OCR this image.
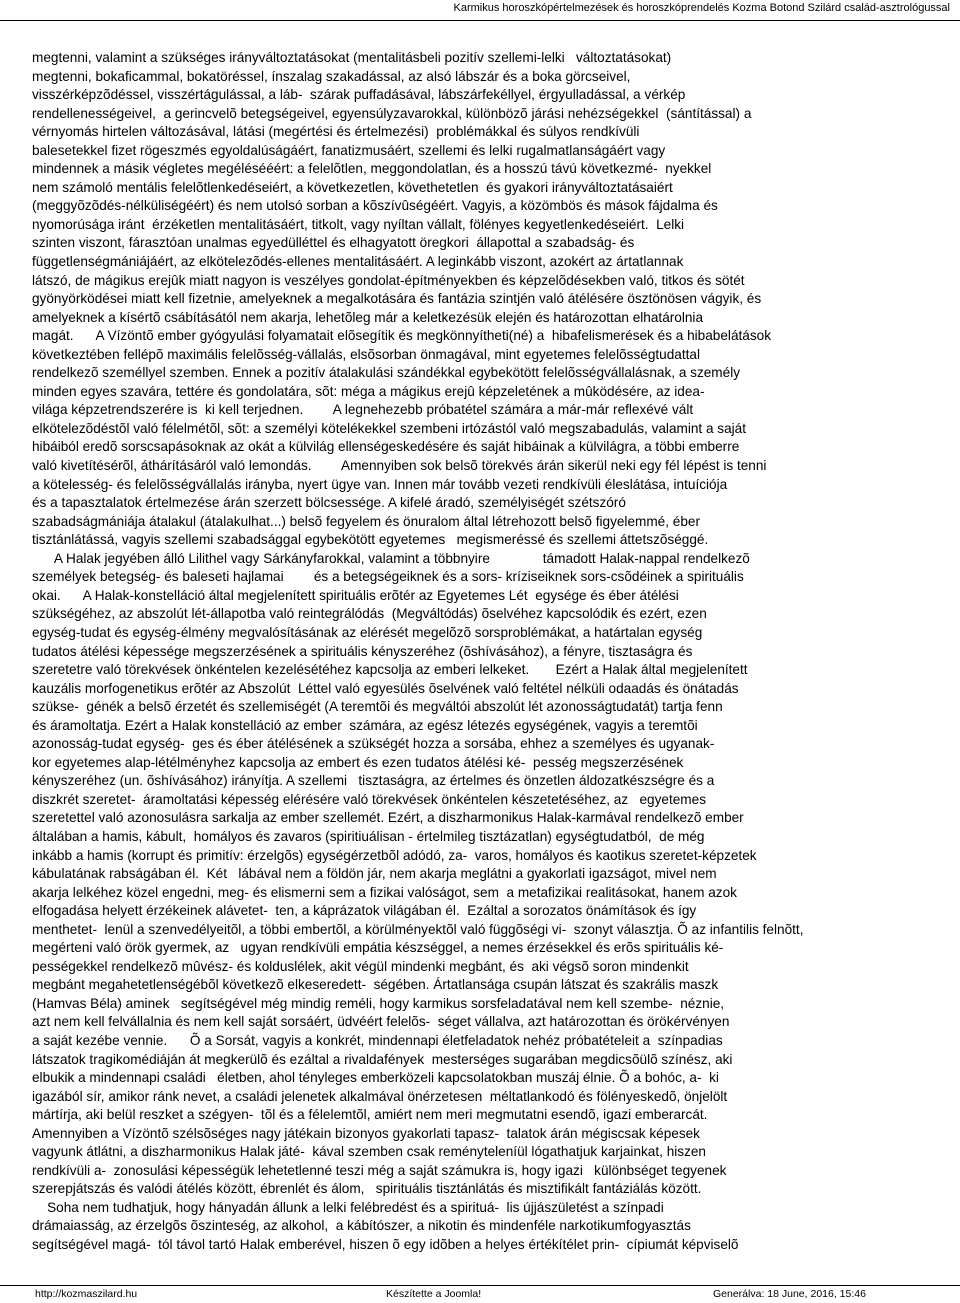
Karmikus horoszkópértelmezések és horoszkóprendelés Kozma Botond Szilárd család-asztrológussal
megtenni, valamint a szükséges irányváltoztatásokat (mentalitásbeli pozitív szellemi-lelki   változtatásokat)
megtenni, bokaficammal, bokatöréssel, ínszalag szakadással, az alsó lábszár és a boka görcseivel,
visszérképzõdéssel, visszértágulással, a láb-  szárak puffadásával, lábszárfekéllyel, érgyulladással, a vérkép
rendellenességeivel,  a gerincvelõ betegségeivel, egyensúlyzavarokkal, különbözõ járási nehézségekkel  (sántítással) a
vérnyomás hirtelen változásával, látási (megértési és értelmezési)  problémákkal és súlyos rendkívüli
balesetekkel fizet rögeszmés egyoldalúságáért, fanatizmusáért, szellemi és lelki rugalmatlanságáért vagy
mindennek a másik végletes megélésééért: a felelõtlen, meggondolatlan, és a hosszú távú következmé-  nyekkel
nem számoló mentális felelõtlenkedéseiért, a következetlen, követhetetlen  és gyakori irányváltoztatásaiért
(meggyõzõdés-nélküliségéért) és nem utolsó sorban a kõszívûségéért. Vagyis, a közömbös és mások fájdalma és
nyomorúsága iránt  érzéketlen mentalitásáért, titkolt, vagy nyíltan vállalt, fölényes kegyetlenkedéseiért.  Lelki
szinten viszont, fárasztóan unalmas egyedülléttel és elhagyatott öregkori  állapottal a szabadság- és
függetlenségmániájáért, az elkötelezõdés-ellenes mentalitásáért. A leginkább viszont, azokért az ártatlannak
látszó, de mágikus erejûk miatt nagyon is veszélyes gondolat-építményekben és képzelõdésekben való, titkos és sötét
gyönyörködései miatt kell fizetnie, amelyeknek a megalkotására és fantázia szintjén való átélésére ösztönösen vágyik, és
amelyeknek a kísértõ csábításától nem akarja, lehetõleg már a keletkezésük elején és határozottan elhatárolnia
magát.      A Vízöntõ ember gyógyulási folyamatait elõsegítik és megkönnyítheti(né) a  hibafelismerések és a hibabelátások
következtében fellépõ maximális felelõsség-vállalás, elsõsorban önmagával, mint egyetemes felelõsségtudattal
rendelkezõ személlyel szemben. Ennek a pozitív átalakulási szándékkal egybekötött felelõsségvállalásnak, a személy
minden egyes szavára, tettére és gondolatára, sõt: méga a mágikus erejû képzeletének a mûködésére, az idea-
világa képzetrendszerére is  ki kell terjednen.        A legnehezebb próbatétel számára a már-már reflexévé vált
elkötelezõdéstõl való félelmétõl, sõt: a személyi kötelékekkel szembeni irtózástól való megszabadulás, valamint a saját
hibáiból eredõ sorscsapásoknak az okát a külvilág ellenségeskedésére és saját hibáinak a külvilágra, a többi emberre
való kivetítésérõl, áthárításáról való lemondás.        Amennyiben sok belsõ törekvés árán sikerül neki egy fél lépést is tenni
a kötelesség- és felelõsségvállalás irányba, nyert ügye van. Innen már tovább vezeti rendkívüli éleslátása, intuíciója
és a tapasztalatok értelmezése árán szerzett bölcsessége. A kifelé áradó, személyiségét szétszóró
szabadságmániája átalakul (átalakulhat...) belsõ fegyelem és önuralom által létrehozott belsõ figyelemmé, éber
tisztánlátássá, vagyis szellemi szabadsággal egybekötött egyetemes   megismeréssé és szellemi áttetszõséggé.
A Halak jegyében álló Lilithel vagy Sárkányfarokkal, valamint a többnyire              támadott Halak-nappal rendelkezõ
személyek betegség- és baleseti hajlamai        és a betegségeiknek és a sors- kríziseiknek sors-csõdéinek a spirituális
okai.      A Halak-konstelláció által megjelenített spirituális erõtér az Egyetemes Lét  egysége és éber átélési
szükségéhez, az abszolút lét-állapotba való reintegrálódás  (Megváltódás) õselvéhez kapcsolódik és ezért, ezen
egység-tudat és egység-élmény megvalósításának az elérését megelõzõ sorsproblémákat, a határtalan egység
tudatos átélési képessége megszerzésének a spirituális kényszeréhez (õshívásához), a fényre, tisztaságra és
szeretetre való törekvések önkéntelen kezelésétéhez kapcsolja az emberi lelkeket.       Ezért a Halak által megjelenített
kauzális morfogenetikus erõtér az Abszolút  Léttel való egyesülés õselvének való feltétel nélküli odaadás és önátadás
szükse-  génék a belsõ érzetét és szellemiségét (A teremtõi és megváltói abszolút lét azonosságtudatát) tartja fenn
és áramoltatja. Ezért a Halak konstelláció az ember  számára, az egész létezés egységének, vagyis a teremtõi
azonosság-tudat egység-  ges és éber átélésének a szükségét hozza a sorsába, ehhez a személyes és ugyanak-
kor egyetemes alap-létélményhez kapcsolja az embert és ezen tudatos átélési ké-  pesség megszerzésének
kényszeréhez (un. õshívásához) irányítja. A szellemi   tisztaságra, az értelmes és önzetlen áldozatkészségre és a
diszkrét szeretet-  áramoltatási képesség elérésére való törekvések önkéntelen készetetéséhez, az   egyetemes
szeretettel való azonosulásra sarkalja az ember szellemét. Ezért, a diszharmonikus Halak-karmával rendelkezõ ember
általában a hamis, kábult,  homályos és zavaros (spiritiuálisan - értelmileg tisztázatlan) egységtudatból,  de még
inkább a hamis (korrupt és primitív: érzelgõs) egységérzetbõl adódó, za-  varos, homályos és kaotikus szeretet-képzetek
kábulatának rabságában él.  Két   lábával nem a földön jár, nem akarja meglátni a gyakorlati igazságot, mivel nem
akarja lelkéhez közel engedni, meg- és elismerni sem a fizikai valóságot, sem  a metafizikai realitásokat, hanem azok
elfogadása helyett érzékeinek alávetet-  ten, a káprázatok világában él.  Ezáltal a sorozatos önámítások és így
menthetet-  lenül a szenvedélyeitõl, a többi embertõl, a körülményektõl való függõségi vi-  szonyt választja. Õ az infantilis felnõtt,
megérteni való örök gyermek, az   ugyan rendkívüli empátia készséggel, a nemes érzésekkel és erõs spirituális ké-
pességekkel rendelkezõ mûvész- és kolduslélek, akit végül mindenki megbánt, és  aki végsõ soron mindenkit
megbánt megahetetlenségébõl következõ elkeseredett-  ségében. Ártatlansága csupán látszat és szakrális maszk
(Hamvas Béla) aminek   segítségével még mindig reméli, hogy karmikus sorsfeladatával nem kell szembe-  néznie,
azt nem kell felvállalnia és nem kell saját sorsáért, üdvéért felelõs-  séget vállalva, azt határozottan és örökérvényen
a saját kezébe vennie.      Õ a Sorsát, vagyis a konkrét, mindennapi életfeladatok nehéz próbatételeit a  színpadias
látszatok tragikomédiáján át megkerülõ és ezáltal a rivaldafények  mesterséges sugarában megdicsõülõ színész, aki
elbukik a mindennapi családi   életben, ahol tényleges emberközeli kapcsolatokban muszáj élnie. Õ a bohóc, a-  ki
igazából sír, amikor ránk nevet, a családi jelenetek alkalmával önérzetesen  méltatlankodó és fölényeskedõ, önjelölt
mártírja, aki belül reszket a szégyen-  tõl és a félelemtõl, amiért nem meri megmutatni esendõ, igazi emberarcát.
Amennyiben a Vízöntõ szélsõséges nagy játékain bizonyos gyakorlati tapasz-  talatok árán mégiscsak képesek
vagyunk átlátni, a diszharmonikus Halak játé-  kával szemben csak reményteleníül lógathatjuk karjainkat, hiszen
rendkívüli a-  zonosulási képességük lehetetlenné teszi még a saját számukra is, hogy igazi   különbséget tegyenek
szerepjátszás és valódi átélés között, ébrenlét és álom,   spirituális tisztánlátás és misztifikált fantáziálás között.
Soha nem tudhatjuk, hogy hányadán állunk a lelki felébredést és a spirituá-  lis újjászületést a színpadi
drámaiasság, az érzelgõs õszinteség, az alkohol,  a kábítószer, a nikotin és mindenféle narkotikumfogyasztás
segítségével magá-  tól távol tartó Halak emberével, hiszen õ egy idõben a helyes értékítélet prin-  cípiumát képviselõ
http://kozmaszilard.hu	Készítette a Joomla!	Generálva: 18 June, 2016, 15:46
